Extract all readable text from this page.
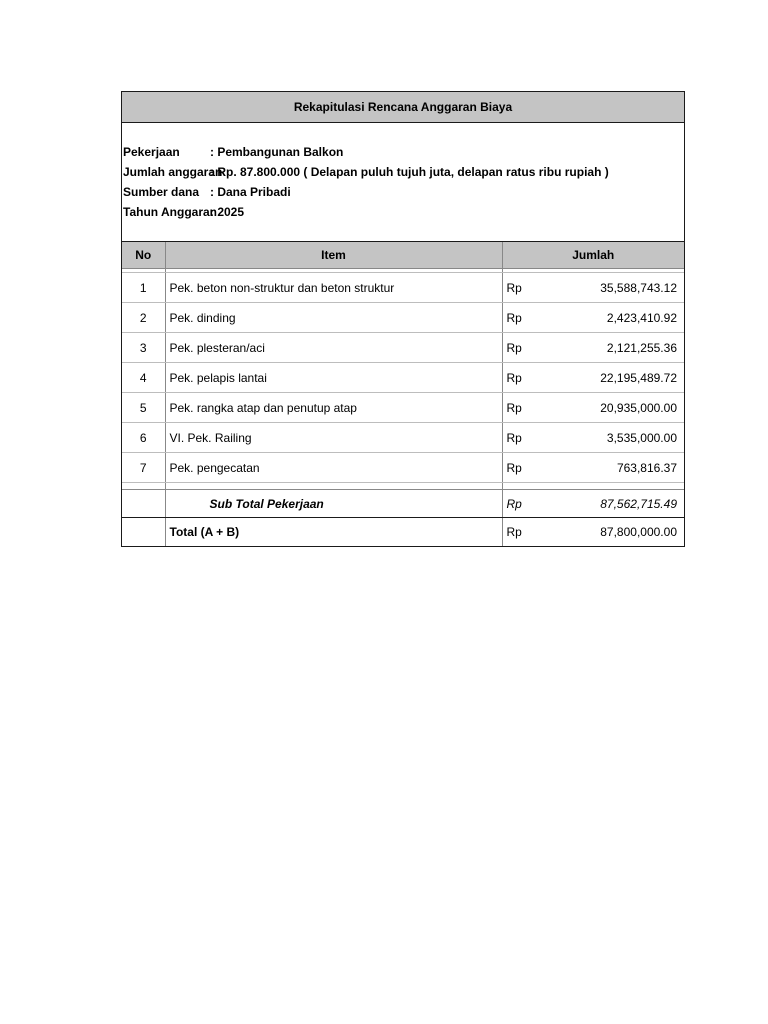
Rekapitulasi Rencana Anggaran Biaya
Pekerjaan	: Pembangunan Balkon
Jumlah anggaran
: Rp. 87.800.000 ( Delapan puluh tujuh juta, delapan ratus ribu rupiah )
Sumber dana : Dana Pribadi
Tahun Anggaran
: 2025
No	Item	Jumlah	

1	Pek. beton non-struktur dan beton struktur	Rp	35,588,743.12
2	Pek. dinding	Rp	2,423,410.92
3	Pek. plesteran/aci	Rp	2,121,255.36
4	Pek. pelapis lantai	Rp	22,195,489.72
5	Pek. rangka atap dan penutup atap	Rp	20,935,000.00
6	VI. Pek. Railing	Rp	3,535,000.00
7	Pek. pengecatan	Rp	763,816.37

	Sub Total Pekerjaan	Rp	87,562,715.49
	Total (A + B)	Rp	87,800,000.00
